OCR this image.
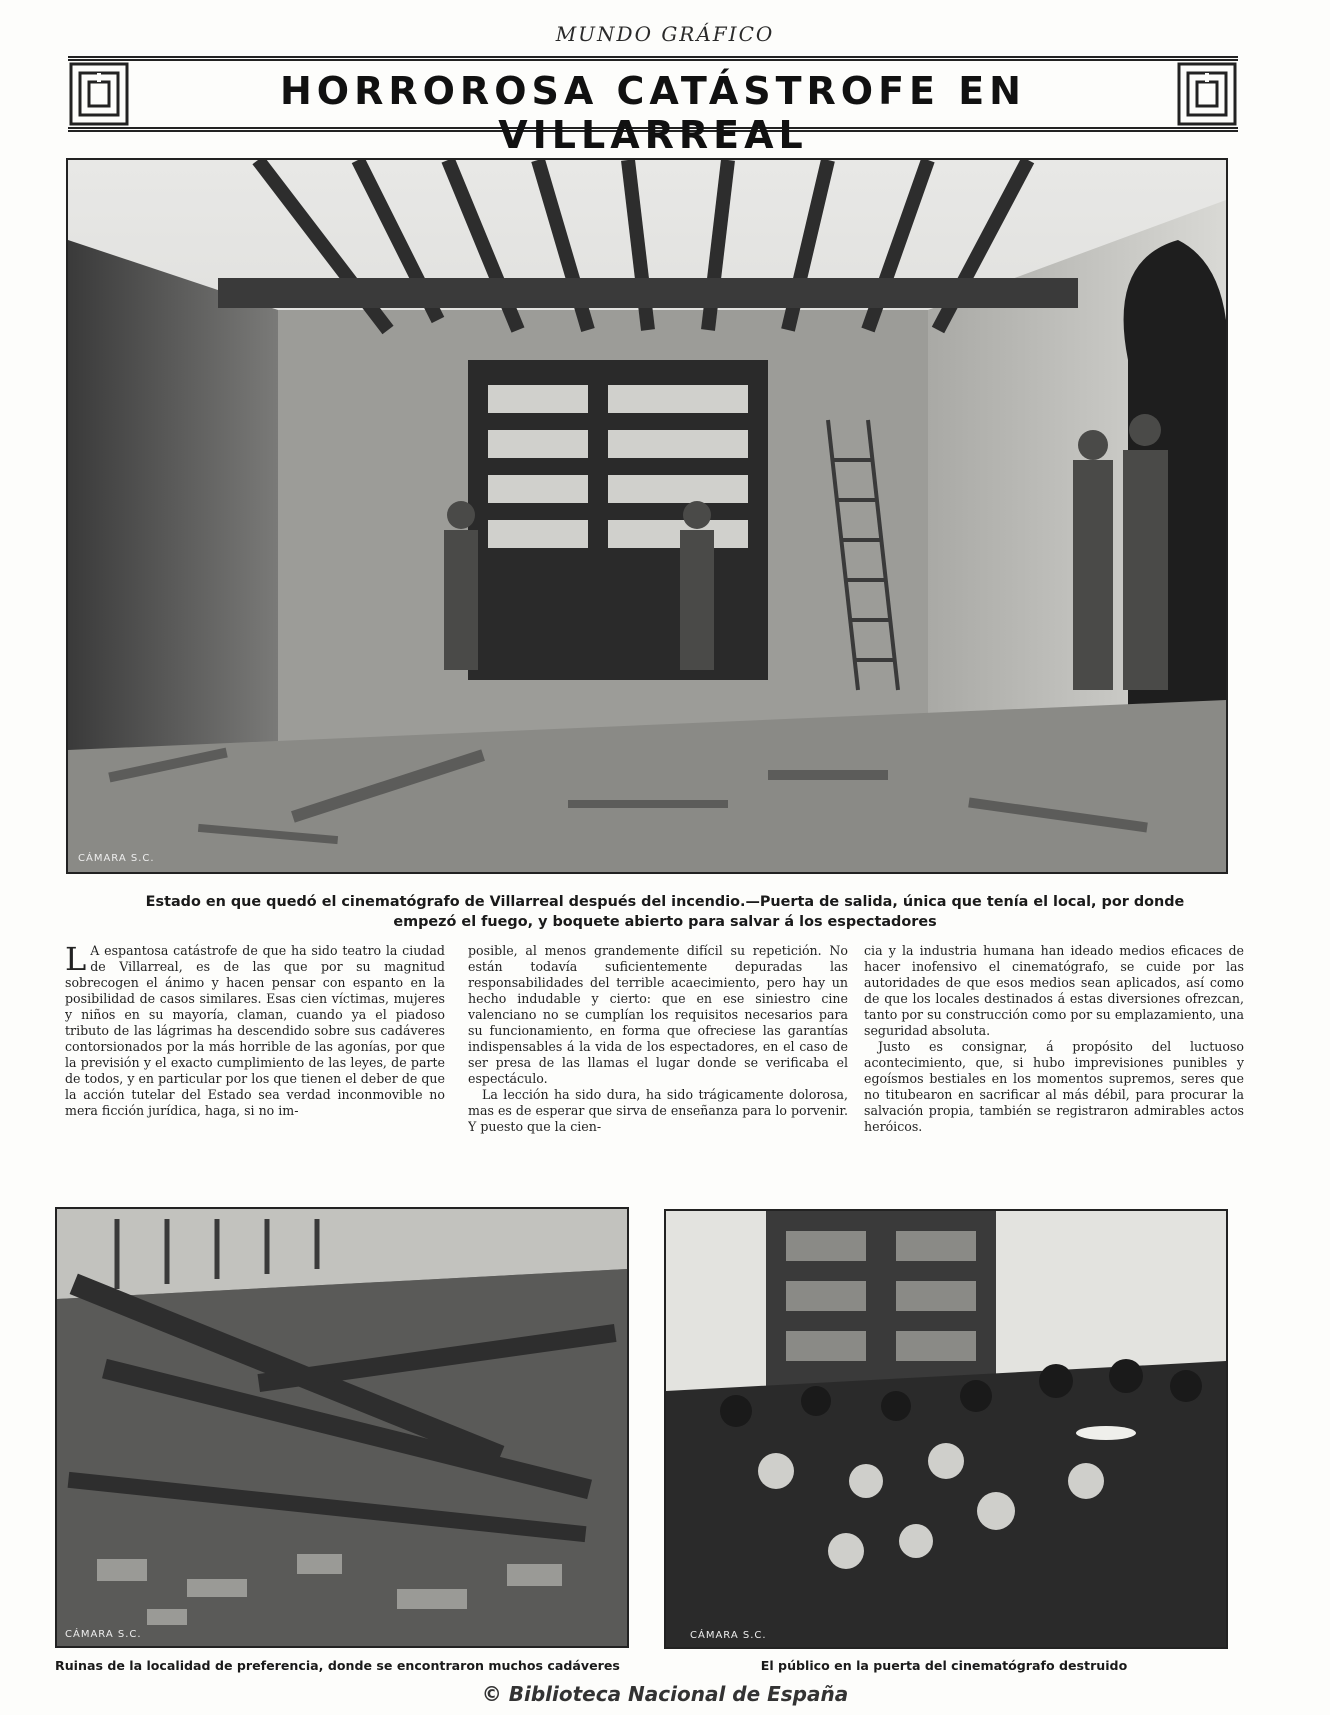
MUNDO GRÁFICO
HORROROSA CATÁSTROFE EN VILLARREAL
CÁMARA S.C.
Estado en que quedó el cinematógrafo de Villarreal después del incendio.—Puerta de salida, única que tenía el local, por donde
empezó el fuego, y boquete abierto para salvar á los espectadores

L A espantosa catástrofe de que ha sido teatro la ciudad de Villarreal, es de las que por su magnitud sobrecogen el ánimo y hacen pensar con espanto en la posibilidad de casos similares. Esas cien víctimas, mujeres y niños en su mayoría, claman, cuando ya el piadoso tributo de las lágrimas ha descendido sobre sus cadáveres contorsionados por la más horrible de las agonías, por que la previsión y el exacto cumplimiento de las leyes, de parte de todos, y en particular por los que tienen el deber de que la acción tutelar del Estado sea verdad inconmovible no mera ficción jurídica, haga, si no im-

posible, al menos grandemente difícil su repetición. No están todavía suficientemente depuradas las responsabilidades del terrible acaecimiento, pero hay un hecho indudable y cierto: que en ese siniestro cine valenciano no se cumplían los requisitos necesarios para su funcionamiento, en forma que ofreciese las garantías indispensables á la vida de los espectadores, en el caso de ser presa de las llamas el lugar donde se verificaba el espectáculo.

La lección ha sido dura, ha sido trágicamente dolorosa, mas es de esperar que sirva de enseñanza para lo porvenir. Y puesto que la cien-

cia y la industria humana han ideado medios eficaces de hacer inofensivo el cinematógrafo, se cuide por las autoridades de que esos medios sean aplicados, así como de que los locales destinados á estas diversiones ofrezcan, tanto por su construcción como por su emplazamiento, una seguridad absoluta.

Justo es consignar, á propósito del luctuoso acontecimiento, que, si hubo imprevisiones punibles y egoísmos bestiales en los momentos supremos, seres que no titubearon en sacrificar al más débil, para procurar la salvación propia, también se registraron admirables actos heróicos.

CÁMARA S.C.
Ruinas de la localidad de preferencia, donde se encontraron muchos cadáveres
CÁMARA S.C.
El público en la puerta del cinematógrafo destruido
© Biblioteca Nacional de España
